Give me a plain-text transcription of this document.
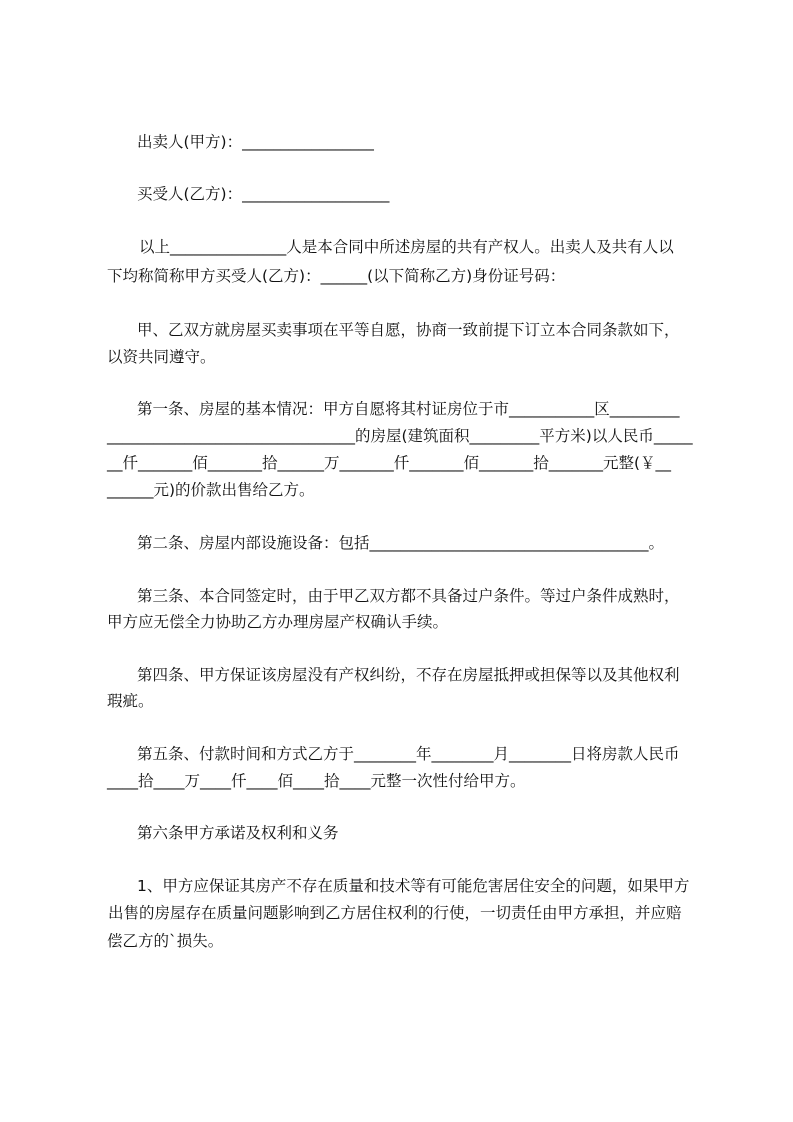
出卖人(甲方)：_________________
买受人(乙方)：___________________
以上_______________人是本合同中所述房屋的共有产权人。出卖人及共有人以
下均称简称甲方买受人(乙方)：______(以下简称乙方)身份证号码：
甲、乙双方就房屋买卖事项在平等自愿，协商一致前提下订立本合同条款如下，
以资共同遵守。
第一条、房屋的基本情况：甲方自愿将其村证房位于市___________区_________
________________________________的房屋(建筑面积_________平方米)以人民币_____
__仟_______佰_______拾______万_______仟_______佰_______拾_______元整(￥__
______元)的价款出售给乙方。
第二条、房屋内部设施设备：包括____________________________________。
第三条、本合同签定时，由于甲乙双方都不具备过户条件。等过户条件成熟时，
甲方应无偿全力协助乙方办理房屋产权确认手续。
第四条、甲方保证该房屋没有产权纠纷，不存在房屋抵押或担保等以及其他权利
瑕疵。
第五条、付款时间和方式乙方于________年________月________日将房款人民币
____拾____万____仟____佰____拾____元整一次性付给甲方。
第六条甲方承诺及权利和义务
1、甲方应保证其房产不存在质量和技术等有可能危害居住安全的问题，如果甲方
出售的房屋存在质量问题影响到乙方居住权利的行使，一切责任由甲方承担，并应赔
偿乙方的`损失。
